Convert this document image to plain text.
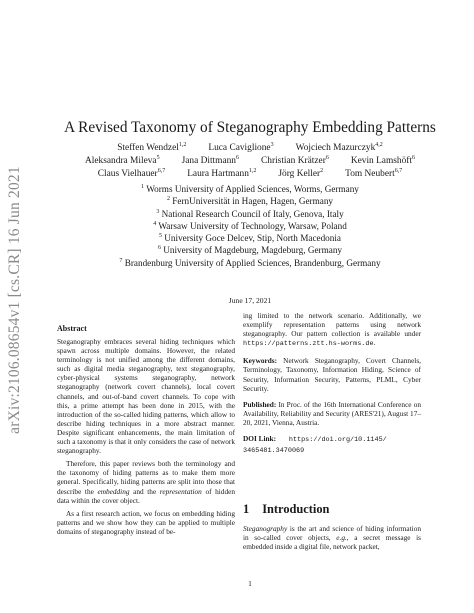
arXiv:2106.08654v1 [cs.CR] 16 Jun 2021
A Revised Taxonomy of Steganography Embedding Patterns
Steffen Wendzel$^{1,2}$ Luca Caviglione$^3$ Wojciech Mazurczyk$^{4,2}$
Aleksandra Mileva$^5$ Jana Dittmann$^6$ Christian Krätzer$^6$ Kevin Lamshöft$^6$
Claus Vielhauer$^{6,7}$ Laura Hartmann$^{1,2}$ Jörg Keller$^2$ Tom Neubert$^{6,7}$
$^1$ Worms University of Applied Sciences, Worms, Germany
$^2$ FernUniversität in Hagen, Hagen, Germany
$^3$ National Research Council of Italy, Genova, Italy
$^4$ Warsaw University of Technology, Warsaw, Poland
$^5$ University Goce Delcev, Stip, North Macedonia
$^6$ University of Magdeburg, Magdeburg, Germany
$^7$ Brandenburg University of Applied Sciences, Brandenburg, Germany
June 17, 2021
Abstract

Steganography embraces several hiding techniques which spawn across multiple domains. However, the related terminology is not unified among the different domains, such as digital media steganography, text steganography, cyber-physical systems steganography, network steganography (network covert channels), local covert channels, and out-of-band covert channels. To cope with this, a prime attempt has been done in 2015, with the introduction of the so-called hiding patterns, which allow to describe hiding techniques in a more abstract manner. Despite significant enhancements, the main limitation of such a taxonomy is that it only considers the case of network steganography.

Therefore, this paper reviews both the terminology and the taxonomy of hiding patterns as to make them more general. Specifically, hiding patterns are split into those that describe the embedding and the representation of hidden data within the cover object.

As a first research action, we focus on embedding hiding patterns and we show how they can be applied to multiple domains of steganography instead of be-

ing limited to the network scenario. Additionally, we exemplify representation patterns using network steganography. Our pattern collection is available under https://patterns.ztt.hs-worms.de.

Keywords: Network Steganography, Covert Channels, Terminology, Taxonomy, Information Hiding, Science of Security, Information Security, Patterns, PLML, Cyber Security.

Published: In Proc. of the 16th International Conference on Availability, Reliability and Security (ARES'21), August 17–20, 2021, Vienna, Austria.

DOI Link: https://doi.org/10.1145/
3465481.3470069

1 Introduction

Steganography is the art and science of hiding information in so-called cover objects, e.g., a secret message is embedded inside a digital file, network packet,

1
